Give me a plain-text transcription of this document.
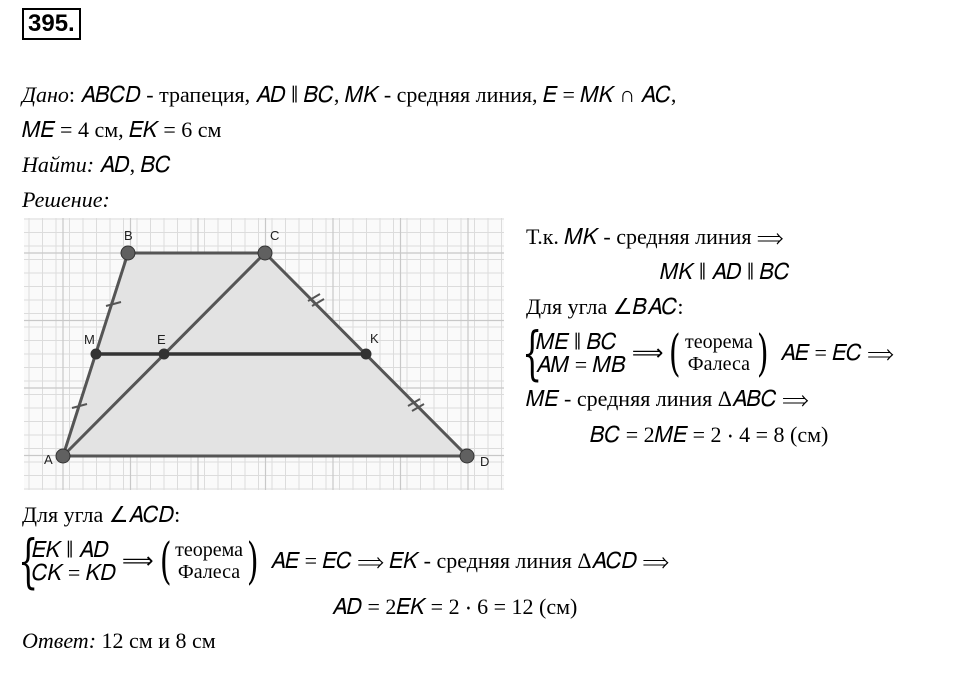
395.
Дано: 𝐴𝐵𝐶𝐷 - трапеция, 𝐴𝐷 ∥ 𝐵𝐶, 𝑀𝐾 - средняя линия, 𝐸 = 𝑀𝐾 ∩ 𝐴𝐶,
𝑀𝐸 = 4 см, 𝐸𝐾 = 6 см
Найти: 𝐴𝐷, 𝐵𝐶
Решение:
A
B	C
D
M	E	K
Т.к. 𝑀𝐾 - средняя линия ⟹
𝑀𝐾 ∥ 𝐴𝐷 ∥ 𝐵𝐶
Для угла ∠𝐵𝐴𝐶:
{
𝑀𝐸 ∥ 𝐵𝐶
𝐴𝑀 = 𝑀𝐵 ⟹ ( теорема
Фалеса ) 𝐴𝐸 = 𝐸𝐶 ⟹
𝑀𝐸 - средняя линия Δ𝐴𝐵𝐶 ⟹
𝐵𝐶 = 2𝑀𝐸 = 2 ⋅ 4 = 8 (см)
Для угла ∠𝐴𝐶𝐷:
{
𝐸𝐾 ∥ 𝐴𝐷
𝐶𝐾 = 𝐾𝐷 ⟹ ( теорема
Фалеса ) 𝐴𝐸 = 𝐸𝐶 ⟹ 𝐸𝐾 - средняя линия Δ𝐴𝐶𝐷 ⟹
𝐴𝐷 = 2𝐸𝐾 = 2 ⋅ 6 = 12 (см)
Ответ: 12 см и 8 см
